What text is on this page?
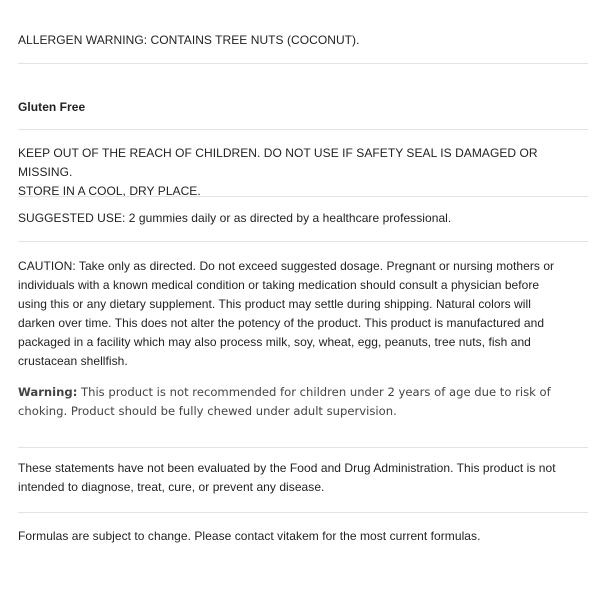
ALLERGEN WARNING: CONTAINS TREE NUTS (COCONUT).

Gluten Free

KEEP OUT OF THE REACH OF CHILDREN. DO NOT USE IF SAFETY SEAL IS DAMAGED OR MISSING.

STORE IN A COOL, DRY PLACE.

SUGGESTED USE: 2 gummies daily or as directed by a healthcare professional.

CAUTION: Take only as directed. Do not exceed suggested dosage. Pregnant or nursing mothers or

individuals with a known medical condition or taking medication should consult a physician before

using this or any dietary supplement. This product may settle during shipping. Natural colors will

darken over time. This does not alter the potency of the product. This product is manufactured and

packaged in a facility which may also process milk, soy, wheat, egg, peanuts, tree nuts, fish and

crustacean shellfish.

Warning: This product is not recommended for children under 2 years of age due to risk of

choking. Product should be fully chewed under adult supervision.

These statements have not been evaluated by the Food and Drug Administration. This product is not

intended to diagnose, treat, cure, or prevent any disease.

Formulas are subject to change. Please contact vitakem for the most current formulas.
